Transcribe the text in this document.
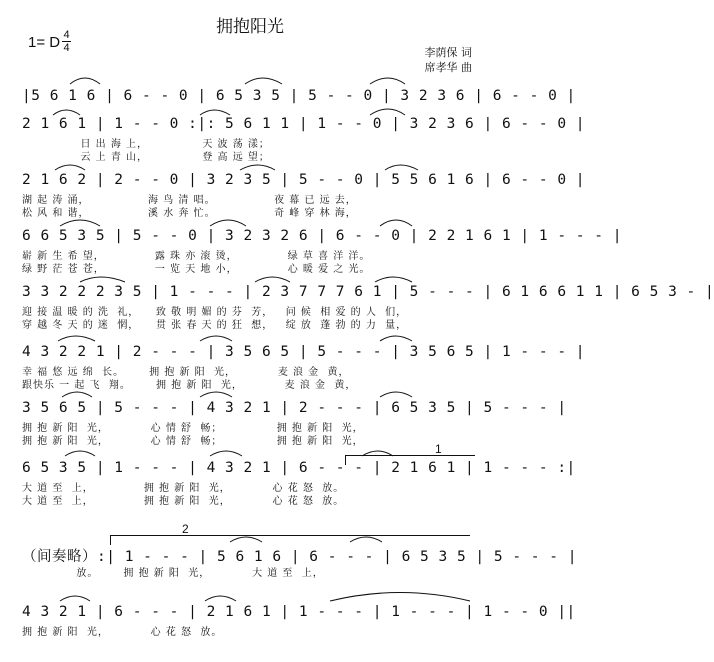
拥抱阳光
1= D 4
4	李荫保 词
席孝华 曲
|5 6 1 6 | 6 - - 0 | 6 5 3 5 | 5 - - 0 | 3 2 3 6 | 6 - - 0 |
2 1 6 1 | 1 - - 0 :|: 5 6 1 1 | 1 - - 0 | 3 2 3 6 | 6 - - 0 |
日 出 海 上，             天 波 荡 漾；
云 上 青 山，             登 高 远 望；
2 1 6 2 | 2 - - 0 | 3 2 3 5 | 5 - - 0 | 5 5 6 1 6 | 6 - - 0 |
湖 起 涛 涌，              海 鸟 清 唱。              夜 幕 已 远 去，
松 风 和 谐，              溪 水 奔 忙。              奇 峰 穿 林 海，
6 6 5 3 5 | 5 - - 0 | 3 2 3 2 6 | 6 - - 0 | 2 2 1 6 1 | 1 - - - |
崭 新 生 希 望，            露 珠 亦 滚 烫，            绿 草 喜 洋 洋。
绿 野 茫 苍 苍，            一 览 天 地 小，            心 暖 爱 之 光。
3 3 2 2 2 3 5 | 1 - - - | 2 3 7 7 7 6 1 | 5 - - - | 6 1 6 6 1 1 | 6 5 3 - |
迎 接 温 暖 的 洗  礼，    致 敬 明 媚 的 芬  芳，   问 候  相 爱 的 人  们，
穿 越 冬 天 的 迷  惘，    贯 张 春 天 的 狂  想，   绽 放  蓬 勃 的 力  量，
4 3 2 2 1 | 2 - - - | 3 5 6 5 | 5 - - - | 3 5 6 5 | 1 - - - |
幸 福 悠 远 绵  长。      拥 抱 新 阳  光，          麦 浪 金  黄，
跟快乐 一 起 飞  翔。      拥 抱 新 阳  光，          麦 浪 金  黄，
3 5 6 5 | 5 - - - | 4 3 2 1 | 2 - - - | 6 5 3 5 | 5 - - - |
拥 抱 新 阳  光，          心 情 舒  畅；             拥 抱 新 阳  光，
拥 抱 新 阳  光，          心 情 舒  畅；             拥 抱 新 阳  光，
6 5 3 5 | 1 - - - | 4 3 2 1 | 6 - - - | 2 1 6 1 | 1 - - - :|
大 道 至  上，            拥 抱 新 阳  光，          心 花 怒  放。
大 道 至  上，            拥 抱 新 阳  光，          心 花 怒  放。
（间奏略）:| 1 - - - | 5 6 1 6 | 6 - - - | 6 5 3 5 | 5 - - - |
放。      拥 抱 新 阳  光，          大 道 至  上，
4 3 2 1 | 6 - - - | 2 1 6 1 | 1 - - - | 1 - - - | 1 - - 0 ||
拥 抱 新 阳  光，          心 花 怒  放。
1
2
